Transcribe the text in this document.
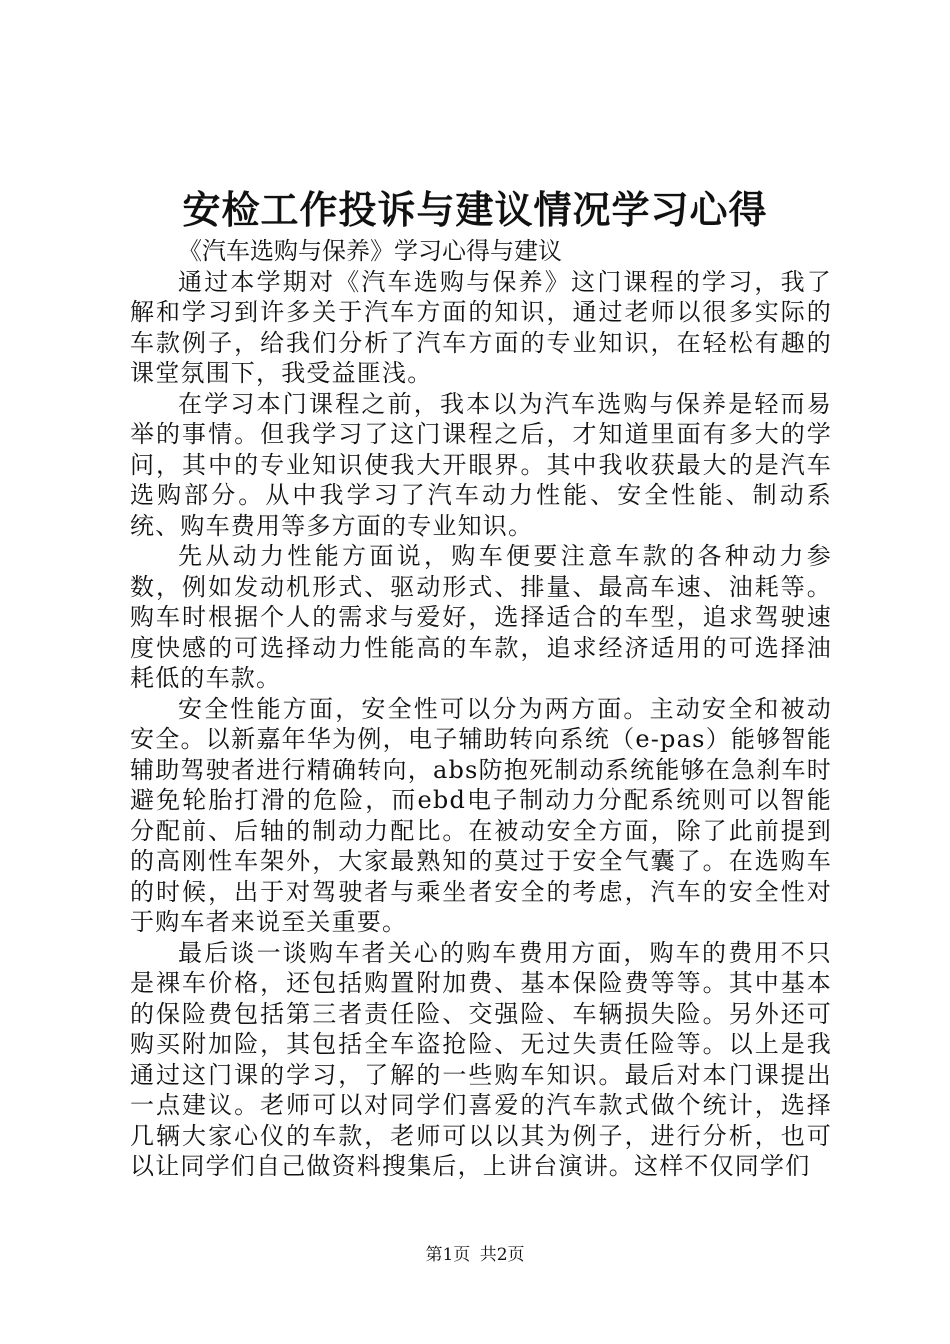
安检工作投诉与建议情况学习心得

《汽车选购与保养》学习心得与建议

通过本学期对《汽车选购与保养》这门课程的学习，我了解和学习到许多关于汽车方面的知识，通过老师以很多实际的车款例子，给我们分析了汽车方面的专业知识，在轻松有趣的课堂氛围下，我受益匪浅。

在学习本门课程之前，我本以为汽车选购与保养是轻而易举的事情。但我学习了这门课程之后，才知道里面有多大的学问，其中的专业知识使我大开眼界。其中我收获最大的是汽车选购部分。从中我学习了汽车动力性能、安全性能、制动系统、购车费用等多方面的专业知识。

先从动力性能方面说，购车便要注意车款的各种动力参数，例如发动机形式、驱动形式、排量、最高车速、油耗等。购车时根据个人的需求与爱好，选择适合的车型，追求驾驶速度快感的可选择动力性能高的车款，追求经济适用的可选择油耗低的车款。

安全性能方面，安全性可以分为两方面。主动安全和被动安全。以新嘉年华为例，电子辅助转向系统（e-pas）能够智能辅助驾驶者进行精确转向，abs防抱死制动系统能够在急刹车时避免轮胎打滑的危险，而ebd电子制动力分配系统则可以智能分配前、后轴的制动力配比。在被动安全方面，除了此前提到的高刚性车架外，大家最熟知的莫过于安全气囊了。在选购车的时候，出于对驾驶者与乘坐者安全的考虑，汽车的安全性对于购车者来说至关重要。

最后谈一谈购车者关心的购车费用方面，购车的费用不只是裸车价格，还包括购置附加费、基本保险费等等。其中基本的保险费包括第三者责任险、交强险、车辆损失险。另外还可购买附加险，其包括全车盗抢险、无过失责任险等。以上是我通过这门课的学习，了解的一些购车知识。最后对本门课提出一点建议。老师可以对同学们喜爱的汽车款式做个统计，选择几辆大家心仪的车款，老师可以以其为例子，进行分析，也可以让同学们自己做资料搜集后，上讲台演讲。这样不仅同学们

第1页 共2页
